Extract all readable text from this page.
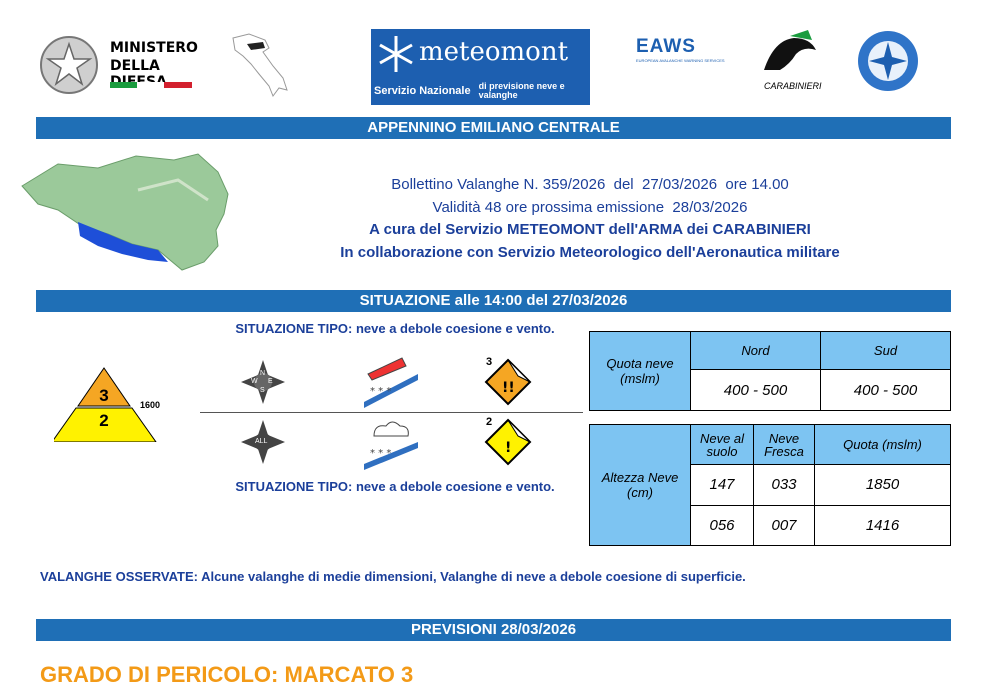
MINISTERO
DELLA	meteomont
Servizio Nazionale di previsione neve e valanghe
EAWS
EUROPEAN AVALANCHE WARNING SERVICES
CARABINIERI
APPENNINO EMILIANO CENTRALE
Bollettino Valanghe N. 359/2026  del  27/03/2026  ore 14.00
Validità 48 ore prossima emissione  28/03/2026
A cura del Servizio METEOMONT dell'ARMA dei CARABINIERI
In collaborazione con Servizio Meteorologico dell'Aeronautica militare
SITUAZIONE alle 14:00 del 27/03/2026
3
2
1600
SITUAZIONE TIPO: neve a debole coesione e vento.
N
E
S
W
* * *	!!
3
ALL
* * *	!
2
SITUAZIONE TIPO: neve a debole coesione e vento.
Quota neve (mslm)	Nord	Sud
	400 - 500	400 - 500
Altezza Neve (cm)	Neve al suolo	Neve Fresca	Quota (mslm)
	147	033	1850
	056	007	1416
VALANGHE OSSERVATE: Alcune valanghe di medie dimensioni, Valanghe di neve a debole coesione di superficie.
PREVISIONI 28/03/2026
GRADO DI PERICOLO: MARCATO 3
